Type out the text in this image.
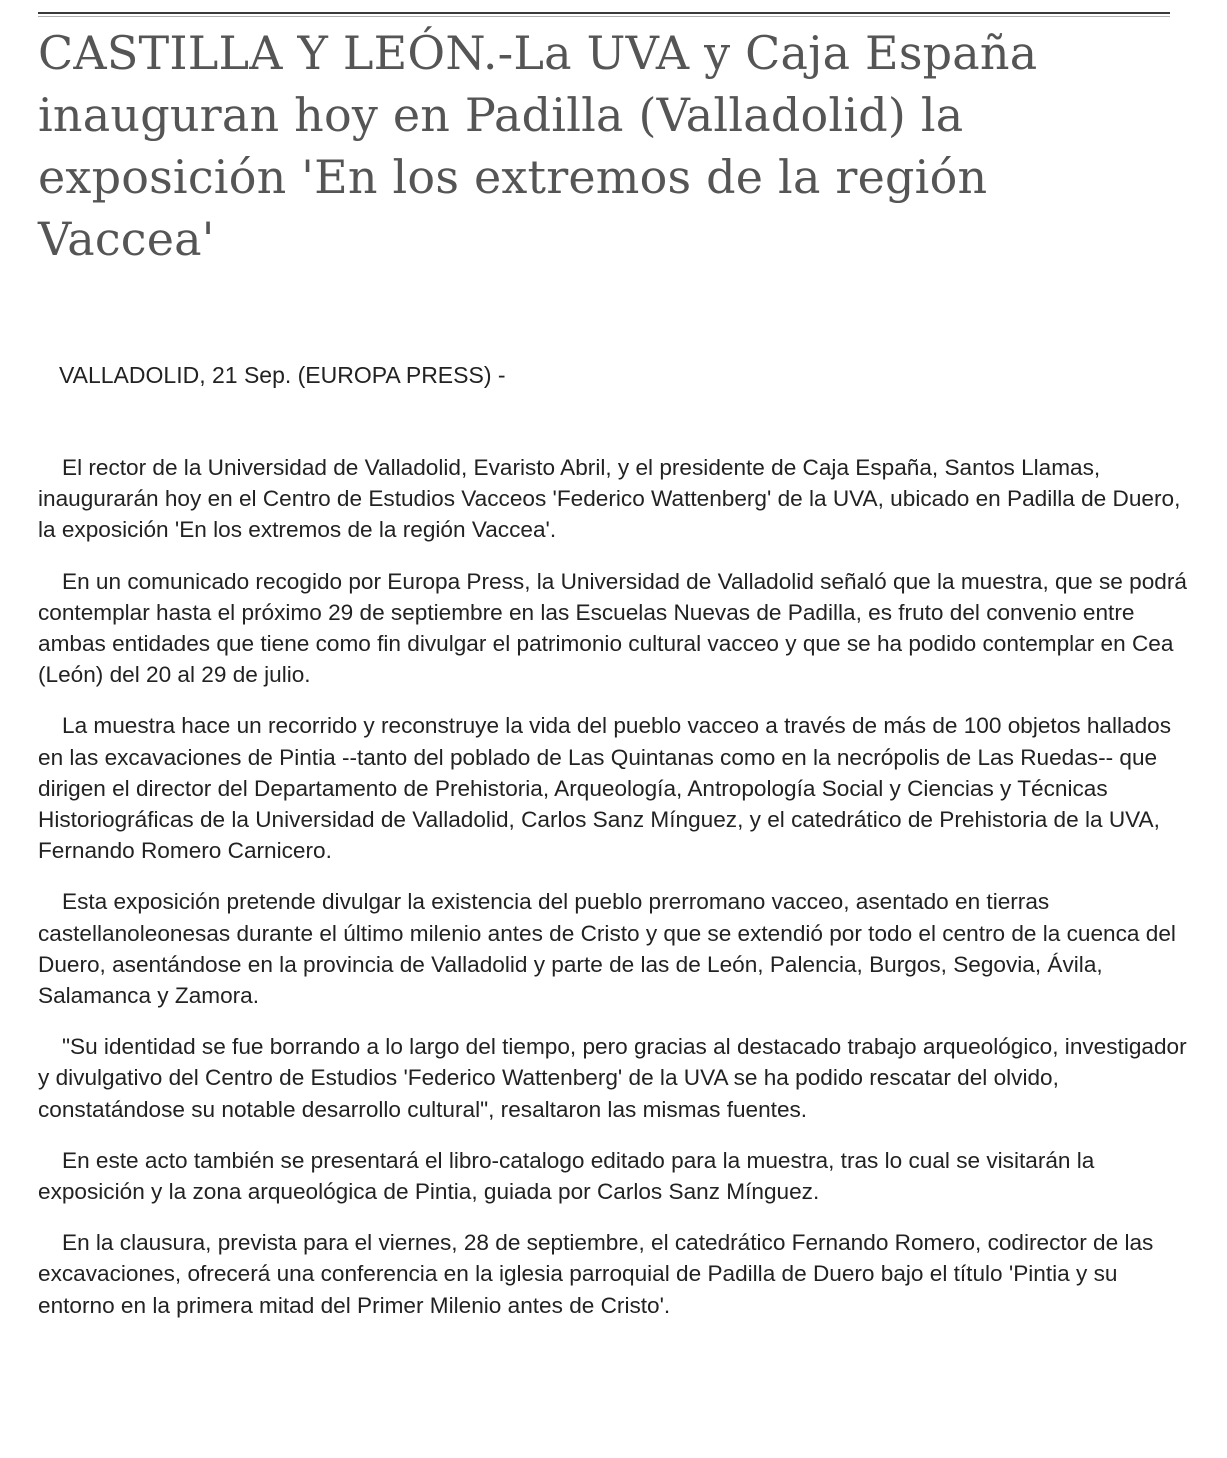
CASTILLA Y LEÓN.-La UVA y Caja España inauguran hoy en Padilla (Valladolid) la exposición 'En los extremos de la región Vaccea'

VALLADOLID, 21 Sep. (EUROPA PRESS) -

El rector de la Universidad de Valladolid, Evaristo Abril, y el presidente de Caja España, Santos Llamas, inaugurarán hoy en el Centro de Estudios Vacceos 'Federico Wattenberg' de la UVA, ubicado en Padilla de Duero, la exposición 'En los extremos de la región Vaccea'.

En un comunicado recogido por Europa Press, la Universidad de Valladolid señaló que la muestra, que se podrá contemplar hasta el próximo 29 de septiembre en las Escuelas Nuevas de Padilla, es fruto del convenio entre ambas entidades que tiene como fin divulgar el patrimonio cultural vacceo y que se ha podido contemplar en Cea (León) del 20 al 29 de julio.

La muestra hace un recorrido y reconstruye la vida del pueblo vacceo a través de más de 100 objetos hallados en las excavaciones de Pintia --tanto del poblado de Las Quintanas como en la necrópolis de Las Ruedas-- que dirigen el director del Departamento de Prehistoria, Arqueología, Antropología Social y Ciencias y Técnicas Historiográficas de la Universidad de Valladolid, Carlos Sanz Mínguez, y el catedrático de Prehistoria de la UVA, Fernando Romero Carnicero.

Esta exposición pretende divulgar la existencia del pueblo prerromano vacceo, asentado en tierras castellanoleonesas durante el último milenio antes de Cristo y que se extendió por todo el centro de la cuenca del Duero, asentándose en la provincia de Valladolid y parte de las de León, Palencia, Burgos, Segovia, Ávila, Salamanca y Zamora.

"Su identidad se fue borrando a lo largo del tiempo, pero gracias al destacado trabajo arqueológico, investigador y divulgativo del Centro de Estudios 'Federico Wattenberg' de la UVA se ha podido rescatar del olvido, constatándose su notable desarrollo cultural", resaltaron las mismas fuentes.

En este acto también se presentará el libro-catalogo editado para la muestra, tras lo cual se visitarán la exposición y la zona arqueológica de Pintia, guiada por Carlos Sanz Mínguez.

En la clausura, prevista para el viernes, 28 de septiembre, el catedrático Fernando Romero, codirector de las excavaciones, ofrecerá una conferencia en la iglesia parroquial de Padilla de Duero bajo el título 'Pintia y su entorno en la primera mitad del Primer Milenio antes de Cristo'.
